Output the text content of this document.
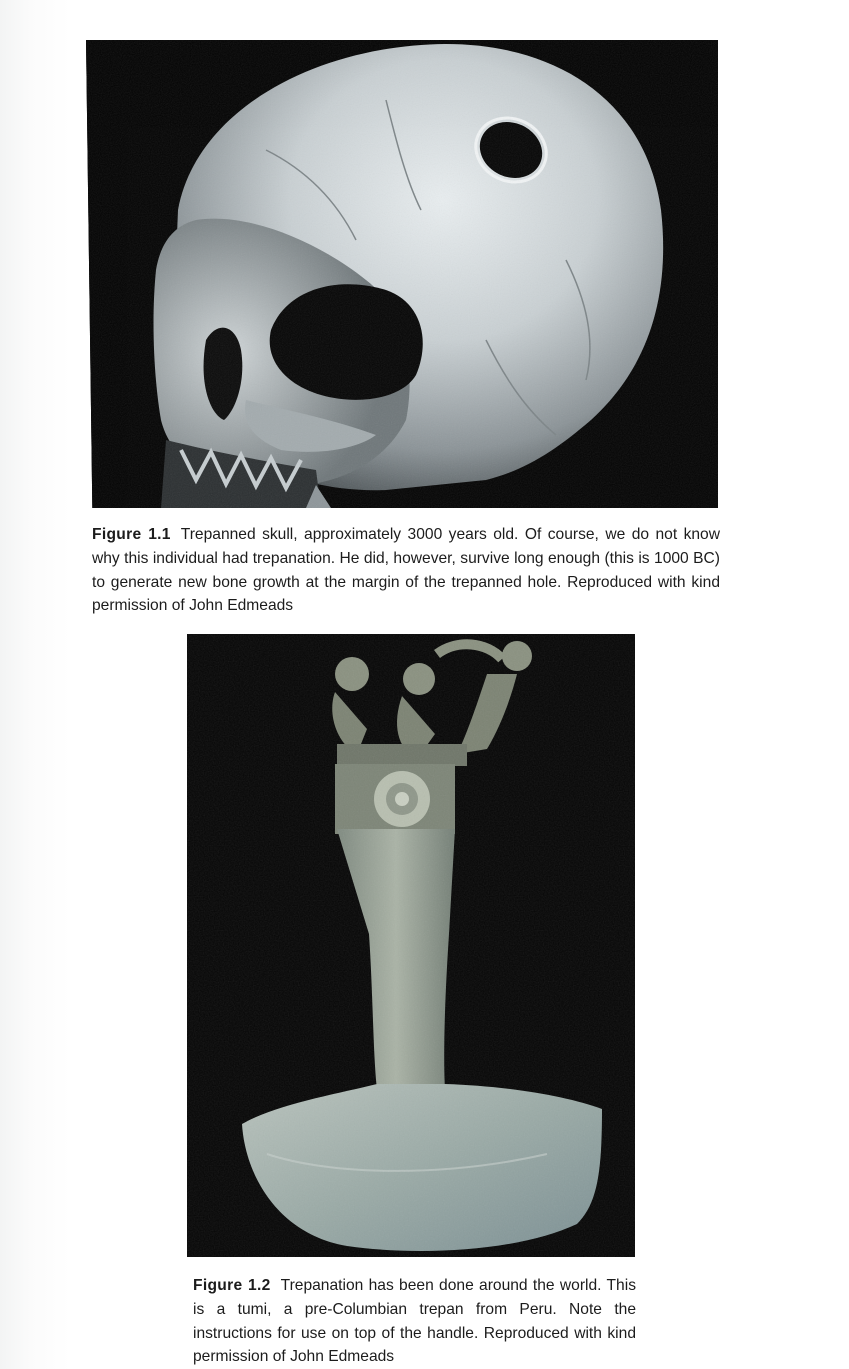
Figure 1.1 Trepanned skull, approximately 3000 years old. Of course, we do not know why this individual had trepanation. He did, however, survive long enough (this is 1000 BC) to generate new bone growth at the margin of the trepanned hole. Reproduced with kind permission of John Edmeads

Figure 1.2 Trepanation has been done around the world. This is a tumi, a pre-Columbian trepan from Peru. Note the instructions for use on top of the handle. Reproduced with kind permission of John Edmeads
